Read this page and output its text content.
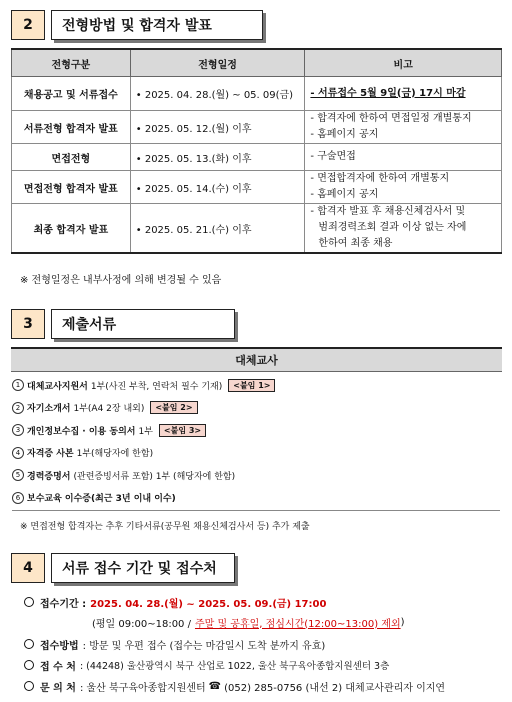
2	전형방법 및 합격자 발표
전형구분	전형일정	비고
채용공고 및 서류접수	• 2025. 04. 28.(월) ~ 05. 09(금)	- 서류접수 5월 9일(금) 17시 마감

서류전형 합격자 발표	• 2025. 05. 12.(월) 이후	- 합격자에 한하여 면접일정 개별통지
- 홈페이지 공지

면접전형	• 2025. 05. 13.(화) 이후	- 구술면접

면접전형 합격자 발표	• 2025. 05. 14.(수) 이후	- 면접합격자에 한하여 개별통지
- 홈페이지 공지

최종 합격자 발표	• 2025. 05. 21.(수) 이후	- 합격자 발표 후 채용신체검사서 및
범죄경력조회 결과 이상 없는 자에
한하여 최종 채용
※ 전형일정은 내부사정에 의해 변경될 수 있음
3	제출서류
대체교사
1 대체교사지원서 1부(사진 부착, 연락처 필수 기재)	<붙임 1>
2 자기소개서 1부(A4 2장 내외)	<붙임 2>
3 개인정보수집 · 이용 동의서 1부	<붙임 3>
4 자격증 사본 1부(해당자에 한함)
5 경력증명서 (관련증빙서류 포함) 1부 (해당자에 한함)
6 보수교육 이수증(최근 3년 이내 이수)
※ 면접전형 합격자는 추후 기타서류(공무원 채용신체검사서 등) 추가 제출
4	서류 접수 기간 및 접수처
접수기간 : 2025. 04. 28.(월) ~ 2025. 05. 09.(금) 17:00
(평일 09:00~18:00 / 주말 및 공휴일, 점심시간(12:00~13:00) 제외 )
접수방법 : 방문 및 우편 접수 (접수는 마감일시 도착 분까지 유효)
접 수 처 : (44248) 울산광역시 북구 산업로 1022, 울산 북구육아종합지원센터 3층
문 의 처 : 울산 북구육아종합지원센터 ☎ (052) 285-0756 (내선 2) 대체교사관리자 이지연
